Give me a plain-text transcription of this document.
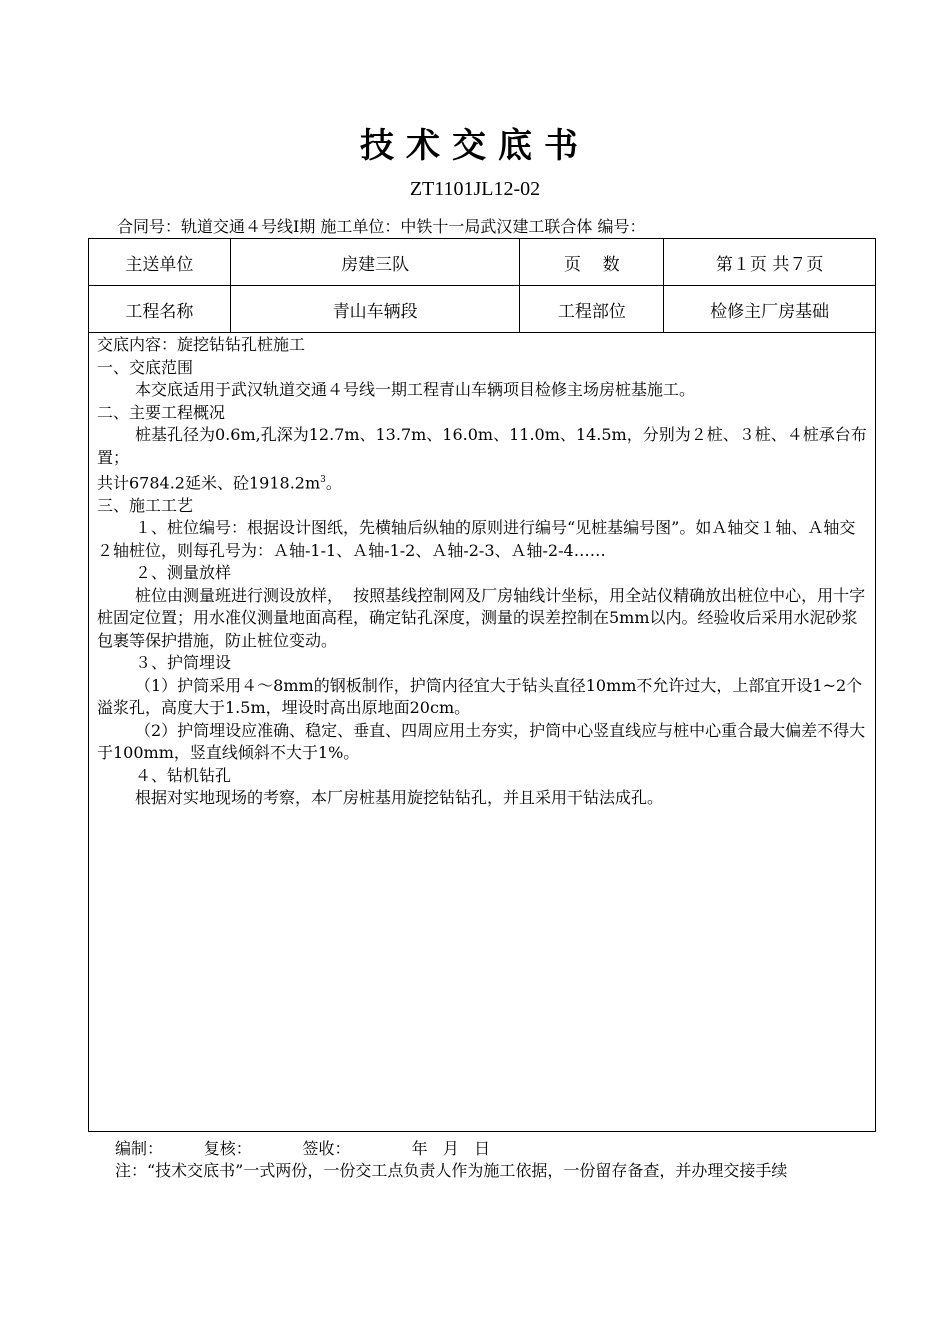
技术交底书
ZT1101JL12-02
合同号：轨道交通４号线Ⅰ期 施工单位：中铁十一局武汉建工联合体 编号：
主送单位	房建三队	页    数	第１页 共７页
工程名称	青山车辆段	工程部位	检修主厂房基础

交底内容：旋挖钻钻孔桩施工

一、交底范围

本交底适用于武汉轨道交通４号线一期工程青山车辆项目检修主场房桩基施工。

二、主要工程概况

桩基孔径为0.6m,孔深为12.7m、13.7m、16.0m、11.0m、14.5m，分别为２桩、３桩、４桩承台布置；

共计6784.2延米、砼$1918.2m^3$。

三、施工工艺

１、桩位编号：根据设计图纸，先横轴后纵轴的原则进行编号“见桩基编号图”。如Ａ轴交１轴、Ａ轴交２轴桩位，则每孔号为：Ａ轴-1-1、Ａ轴-1-2、Ａ轴-2-3、Ａ轴-2-4……

２、测量放样

桩位由测量班进行测设放样，  按照基线控制网及厂房轴线计坐标，用全站仪精确放出桩位中心，用十字桩固定位置；用水准仪测量地面高程，确定钻孔深度，测量的误差控制在5mm以内。经验收后采用水泥砂浆包裹等保护措施，防止桩位变动。

３、护筒埋设

（1）护筒采用４～8mm的钢板制作，护筒内径宜大于钻头直径10mm不允许过大，上部宜开设1~2个溢浆孔，高度大于1.5m，埋设时高出原地面20cm。

（2）护筒埋设应准确、稳定、垂直、四周应用土夯实，护筒中心竖直线应与桩中心重合最大偏差不得大于100mm，竖直线倾斜不大于1%。

４、钻机钻孔

根据对实地现场的考察，本厂房桩基用旋挖钻钻孔，并且采用干钻法成孔。

编制：        复核：          签收：            年   月   日
注：“技术交底书”一式两份，一份交工点负责人作为施工依据，一份留存备查，并办理交接手续
